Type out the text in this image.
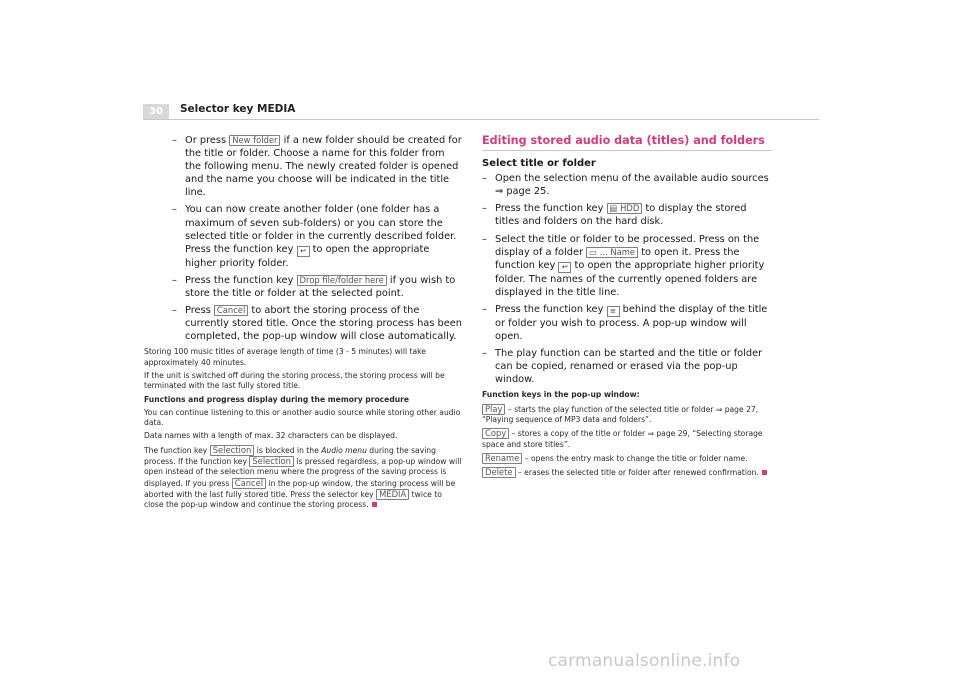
30	Selector key MEDIA
– Or press New folder if a new folder should be created for the title or folder. Choose a name for this folder from the following menu. The newly created folder is opened and the name you choose will be indicated in the title line.
– You can now create another folder (one folder has a maximum of seven sub-folders) or you can store the selected title or folder in the currently described folder. Press the function key ↩ to open the appropriate higher priority folder.
– Press the function key Drop file/folder here if you wish to store the title or folder at the selected point.
– Press Cancel to abort the storing process of the currently stored title. Once the storing process has been completed, the pop-up window will close automatically.

Storing 100 music titles of average length of time (3 - 5 minutes) will take approximately 40 minutes.

If the unit is switched off during the storing process, the storing process will be terminated with the last fully stored title.

Functions and progress display during the memory procedure

You can continue listening to this or another audio source while storing other audio data.

Data names with a length of max. 32 characters can be displayed.

The function key Selection is blocked in the Audio menu during the saving process. If the function key Selection is pressed regardless, a pop-up window will open instead of the selection menu where the progress of the saving process is displayed. If you press Cancel in the pop-up window, the storing process will be aborted with the last fully stored title. Press the selector key MEDIA twice to close the pop-up window and continue the storing process.

Editing stored audio data (titles) and folders
Select title or folder
– Open the selection menu of the available audio sources ⇒ page 25.
– Press the function key ▤ HDD to display the stored titles and folders on the hard disk.
– Select the title or folder to be processed. Press on the display of a folder ▭ ... Name to open it. Press the function key ↩ to open the appropriate higher priority folder. The names of the currently opened folders are displayed in the title line.
– Press the function key ≡ behind the display of the title or folder you wish to process. A pop-up window will open.
– The play function can be started and the title or folder can be copied, renamed or erased via the pop-up window.

Function keys in the pop-up window:

Play – starts the play function of the selected title or folder ⇒ page 27, “Playing sequence of MP3 data and folders”.

Copy – stores a copy of the title or folder ⇒ page 29, “Selecting storage space and store titles”.

Rename – opens the entry mask to change the title or folder name.

Delete – erases the selected title or folder after renewed confirmation.

carmanualsonline.info
